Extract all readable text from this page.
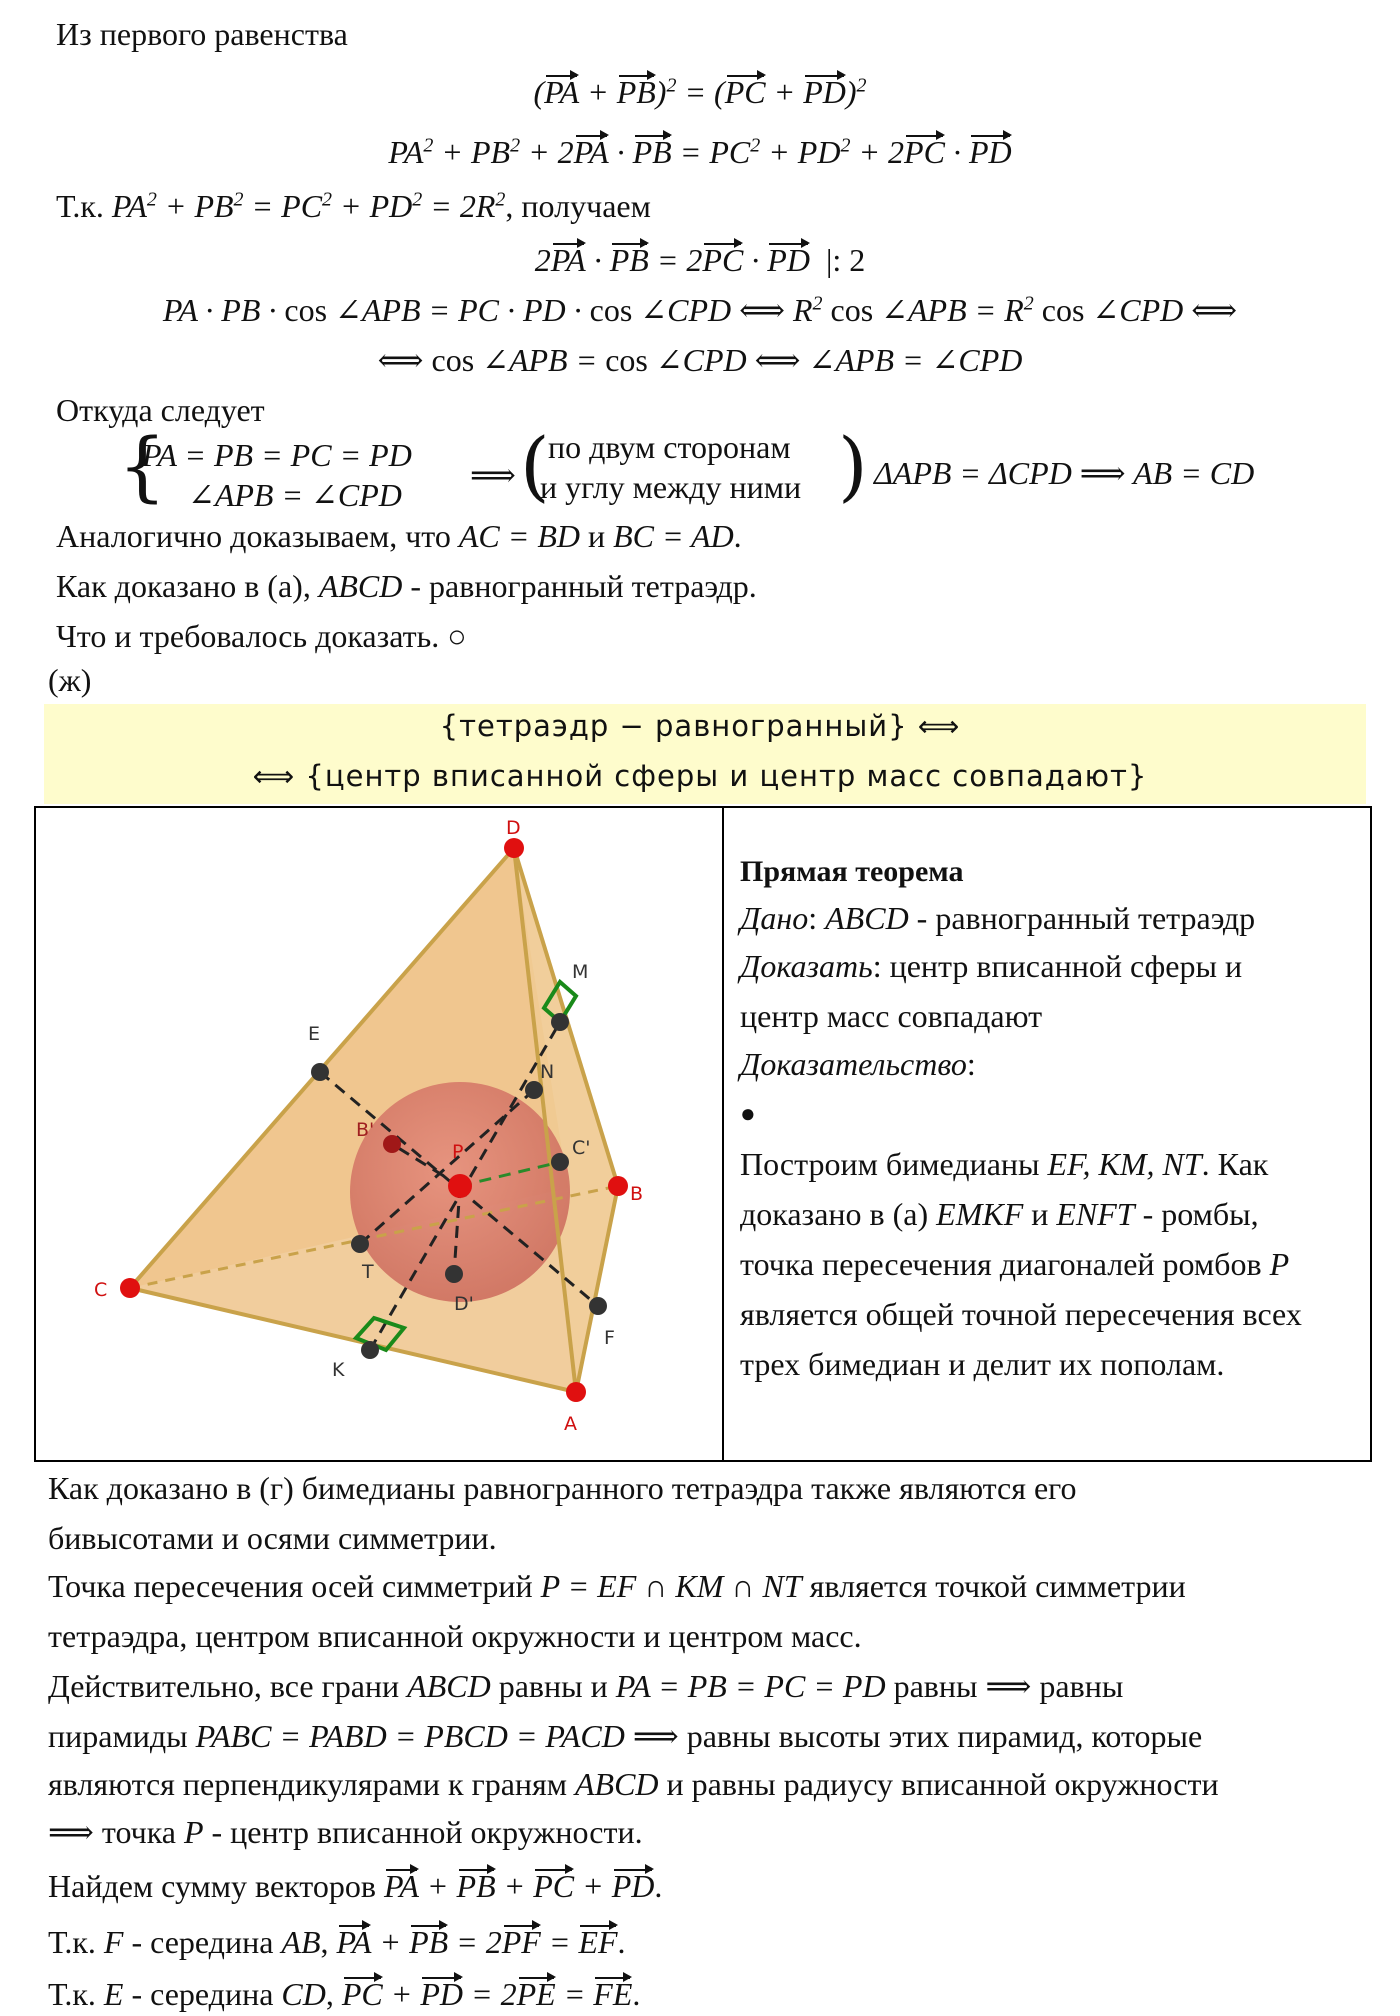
Из первого равенства
(PA + PB)$^2$ = (PC + PD)$^2$
$PA^2 + PB^2 + 2PA$ · PB = $PC^2 + PD^2 + 2PC$ · PD
Т.к. $PA^2 + PB^2 = PC^2 + PD^2 = 2R^2$, получаем
2PA · PB = 2PC · PD |: 2
PA · PB · cos ∠APB = PC · PD · cos ∠CPD ⟺ $R^2$ cos ∠APB = $R^2$ cos ∠CPD ⟺
⟺ cos ∠APB = cos ∠CPD ⟺ ∠APB = ∠CPD
Откуда следует
{
PA = PB = PC = PD
∠APB = ∠CPD
⟹ (
по двум сторонам
и углу между ними ) ΔAPB = ΔCPD ⟹ AB = CD
Аналогично доказываем, что AC = BD и BC = AD.
Как доказано в (а), ABCD - равногранный тетраэдр.
Что и требовалось доказать. ○
(ж)
{тетраэдр − равногранный} ⟺
⟺ {центр вписанной сферы и центр масс совпадают}
D
C
A
B
P
B'
E
M
N
C'
T
D'
F
K
Прямая теорема
Дано: ABCD - равногранный тетраэдр
Доказать: центр вписанной сферы и
центр масс совпадают
Доказательство:
●
Построим бимедианы EF, KM, NT. Как
доказано в (а) EMKF и ENFT - ромбы,
точка пересечения диагоналей ромбов P
является общей точной пересечения всех
трех бимедиан и делит их пополам.
Как доказано в (г) бимедианы равногранного тетраэдра также являются его
бивысотами и осями симметрии.
Точка пересечения осей симметрий P = EF ∩ KM ∩ NT является точкой симметрии
тетраэдра, центром вписанной окружности и центром масс.
Действительно, все грани ABCD равны и PA = PB = PC = PD равны ⟹ равны
пирамиды PABC = PABD = PBCD = PACD ⟹ равны высоты этих пирамид, которые
являются перпендикулярами к граням ABCD и равны радиусу вписанной окружности
⟹ точка P - центр вписанной окружности.
Найдем сумму векторов PA + PB + PC + PD.
Т.к. F - середина AB, PA + PB = 2PF = EF.
Т.к. E - середина CD, PC + PD = 2PE = FE.
